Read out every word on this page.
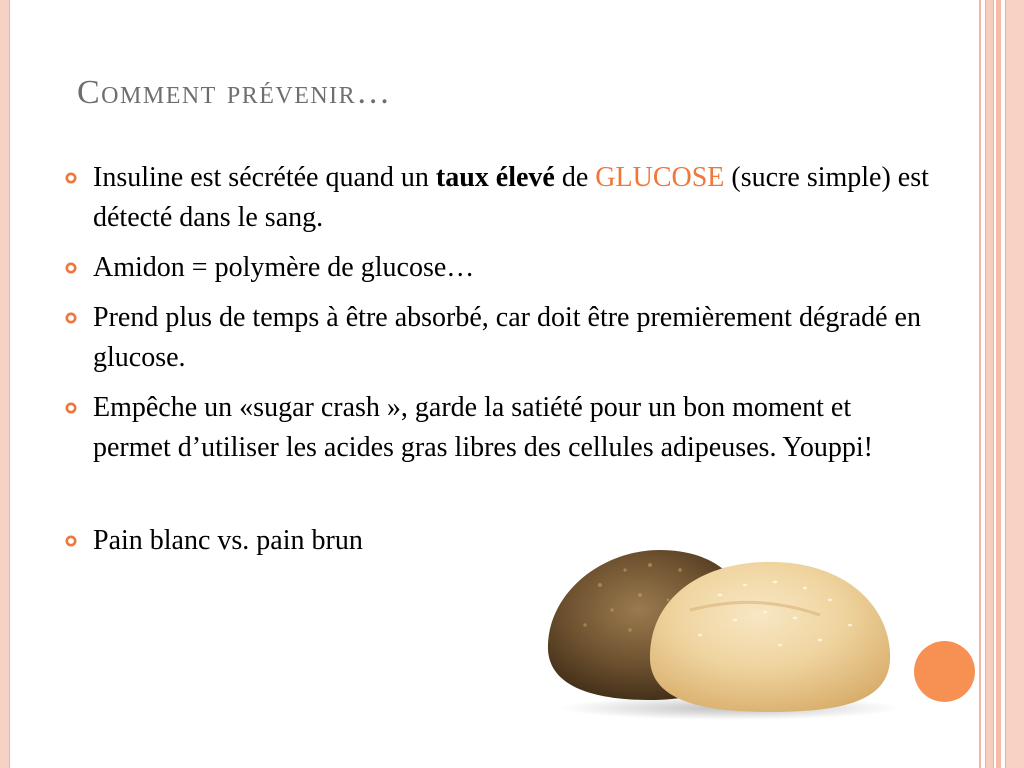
Comment prévenir…
Insuline est sécrétée quand un taux élevé de GLUCOSE (sucre simple) est détecté dans le sang.
Amidon = polymère de glucose…
Prend plus de temps à être absorbé, car doit être premièrement dégradé en glucose.
Empêche un «sugar crash », garde la satiété pour un bon moment et permet d’utiliser les acides gras libres des cellules adipeuses. Youppi!
Pain blanc vs. pain brun
